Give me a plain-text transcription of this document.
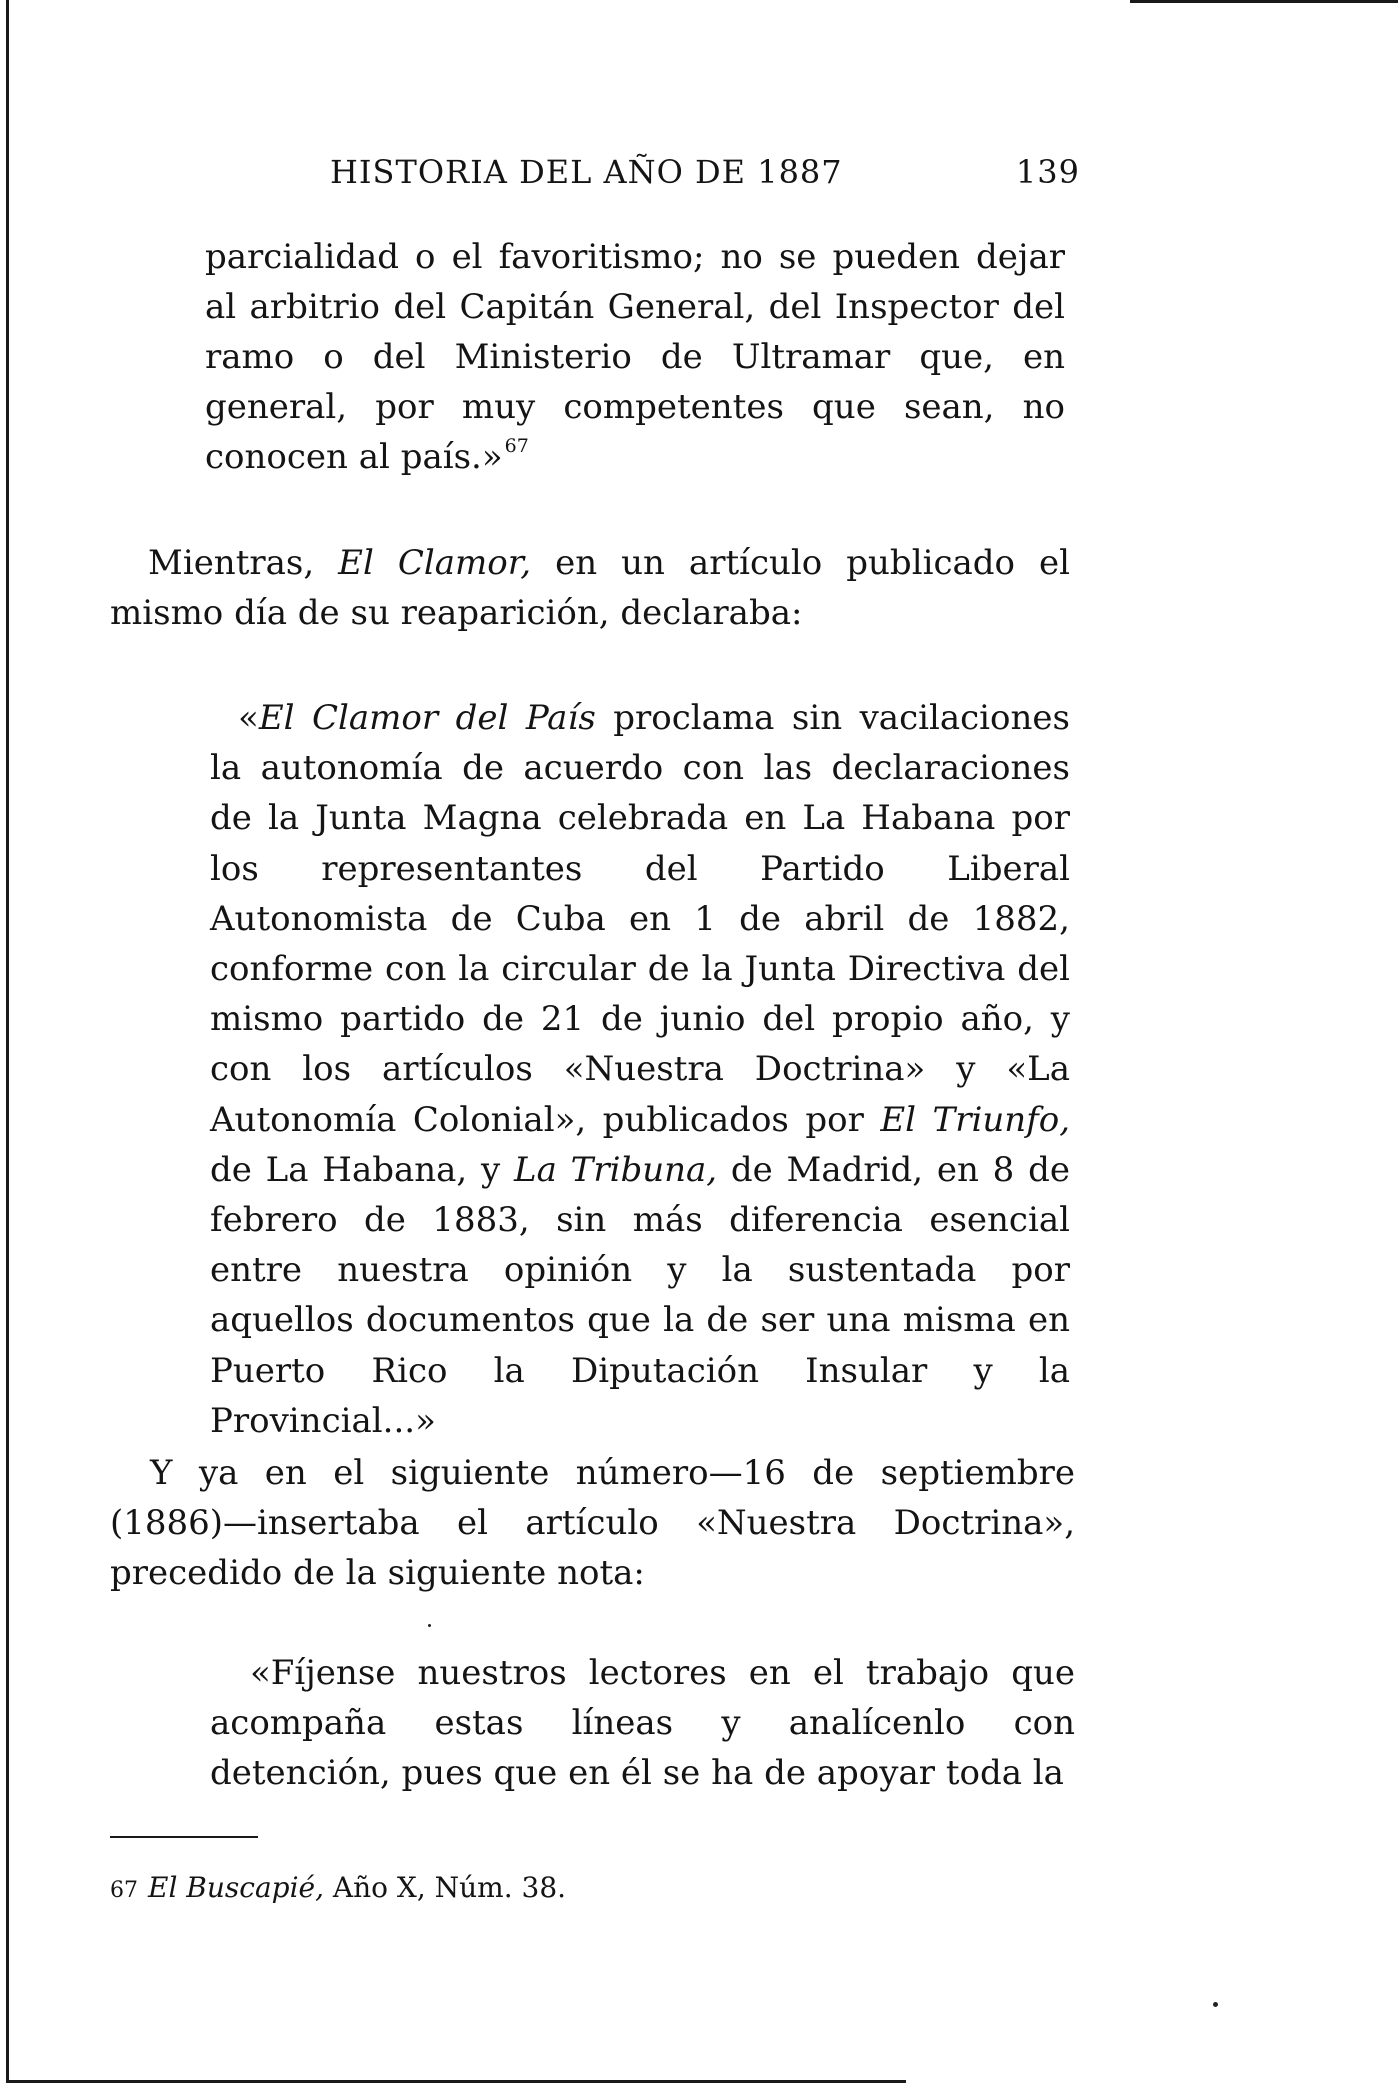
HISTORIA DEL AÑO DE 1887	139

parcialidad o el favoritismo; no se pueden dejar al arbitrio del Capitán General, del Inspector del ramo o del Ministerio de Ultramar que, en general, por muy competentes que sean, no conocen al país.» $^{67}$

Mientras, El Clamor, en un artículo publicado el mismo día de su reaparición, declaraba:

«El Clamor del País proclama sin vacilaciones la autonomía de acuerdo con las declaraciones de la Junta Magna celebrada en La Habana por los representantes del Partido Liberal Autonomista de Cuba en 1 de abril de 1882, conforme con la circular de la Junta Directiva del mismo partido de 21 de junio del propio año, y con los artículos «Nuestra Doctrina» y «La Autonomía Colonial», publicados por El Triunfo, de La Habana, y La Tribuna, de Madrid, en 8 de febrero de 1883, sin más diferencia esencial entre nuestra opinión y la sustentada por aquellos documentos que la de ser una misma en Puerto Rico la Diputación Insular y la Provincial...»

Y ya en el siguiente número—16 de septiembre (1886)—insertaba el artículo «Nuestra Doctrina», precedido de la siguiente nota:

«Fíjense nuestros lectores en el trabajo que acompaña estas líneas y analícenlo con detención, pues que en él se ha de apoyar toda la

67 El Buscapié, Año X, Núm. 38.
